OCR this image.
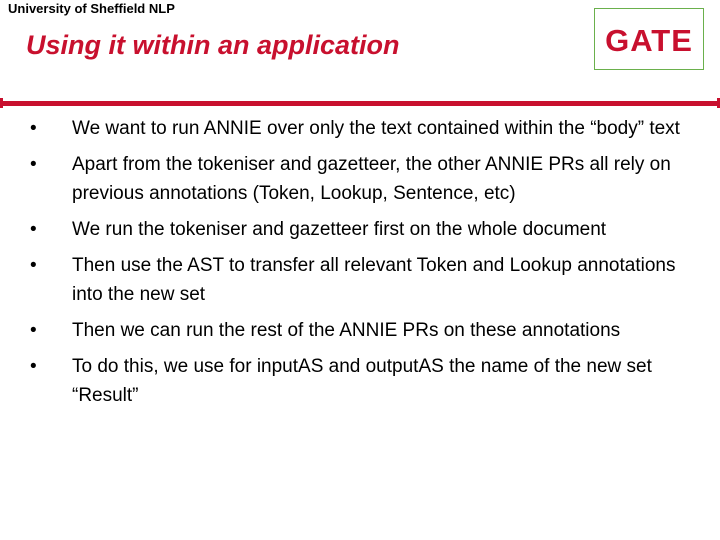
University of Sheffield NLP
Using it within an application	GATE
• We want to run ANNIE over only the text contained within the “body” text
• Apart from the tokeniser and gazetteer, the other ANNIE PRs all rely on previous annotations (Token, Lookup, Sentence, etc)
• We run the tokeniser and gazetteer first on the whole document
• Then use the AST to transfer all relevant Token and Lookup annotations into the new set
• Then we can run the rest of the ANNIE PRs on these annotations
• To do this, we use for inputAS and outputAS the name of the new set “Result”
